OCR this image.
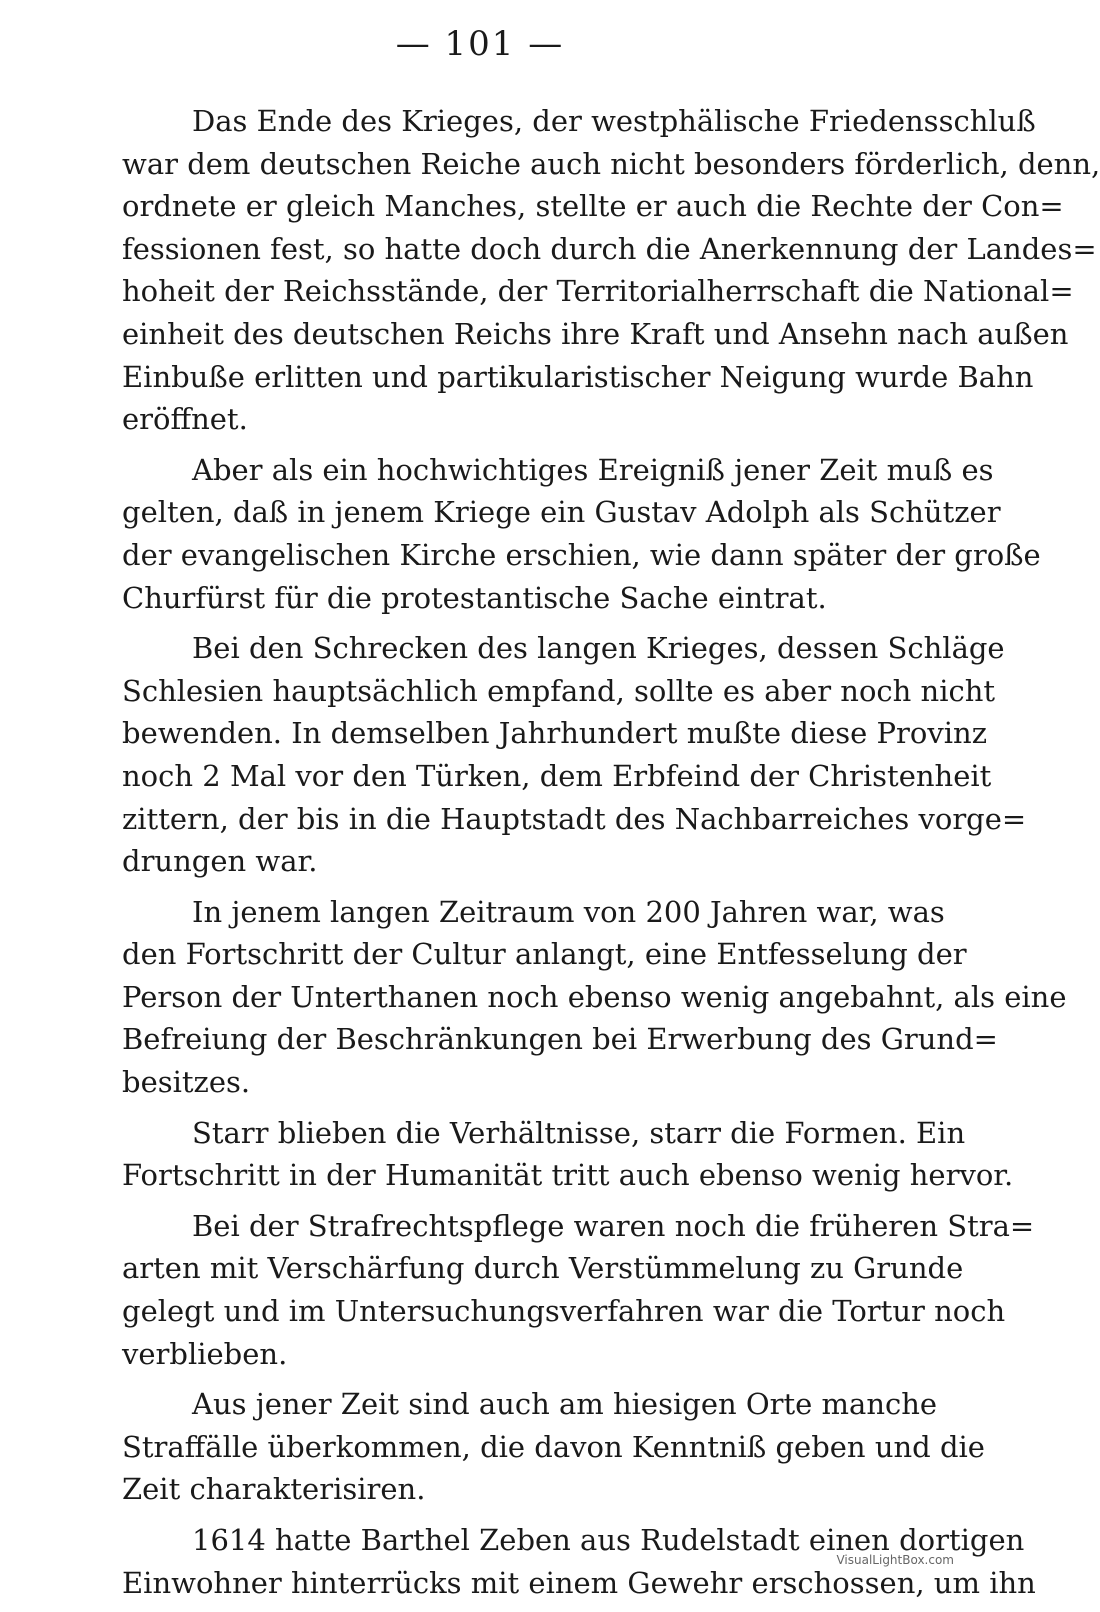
— 101 —
Das Ende des Krieges, der westphälische Friedensschluß
war dem deutschen Reiche auch nicht besonders förderlich, denn,
ordnete er gleich Manches, stellte er auch die Rechte der Con=
fessionen fest, so hatte doch durch die Anerkennung der Landes=
hoheit der Reichsstände, der Territorialherrschaft die National=
einheit des deutschen Reichs ihre Kraft und Ansehn nach außen
Einbuße erlitten und partikularistischer Neigung wurde Bahn
eröffnet.
Aber als ein hochwichtiges Ereigniß jener Zeit muß es
gelten, daß in jenem Kriege ein Gustav Adolph als Schützer
der evangelischen Kirche erschien, wie dann später der große
Churfürst für die protestantische Sache eintrat.
Bei den Schrecken des langen Krieges, dessen Schläge
Schlesien hauptsächlich empfand, sollte es aber noch nicht
bewenden. In demselben Jahrhundert mußte diese Provinz
noch 2 Mal vor den Türken, dem Erbfeind der Christenheit
zittern, der bis in die Hauptstadt des Nachbarreiches vorge=
drungen war.
In jenem langen Zeitraum von 200 Jahren war, was
den Fortschritt der Cultur anlangt, eine Entfesselung der
Person der Unterthanen noch ebenso wenig angebahnt, als eine
Befreiung der Beschränkungen bei Erwerbung des Grund=
besitzes.
Starr blieben die Verhältnisse, starr die Formen. Ein
Fortschritt in der Humanität tritt auch ebenso wenig hervor.
Bei der Strafrechtspflege waren noch die früheren Stra=
arten mit Verschärfung durch Verstümmelung zu Grunde
gelegt und im Untersuchungsverfahren war die Tortur noch
verblieben.
Aus jener Zeit sind auch am hiesigen Orte manche
Straffälle überkommen, die davon Kenntniß geben und die
Zeit charakterisiren.
1614 hatte Barthel Zeben aus Rudelstadt einen dortigen
Einwohner hinterrücks mit einem Gewehr erschossen, um ihn
VisualLightBox.com
